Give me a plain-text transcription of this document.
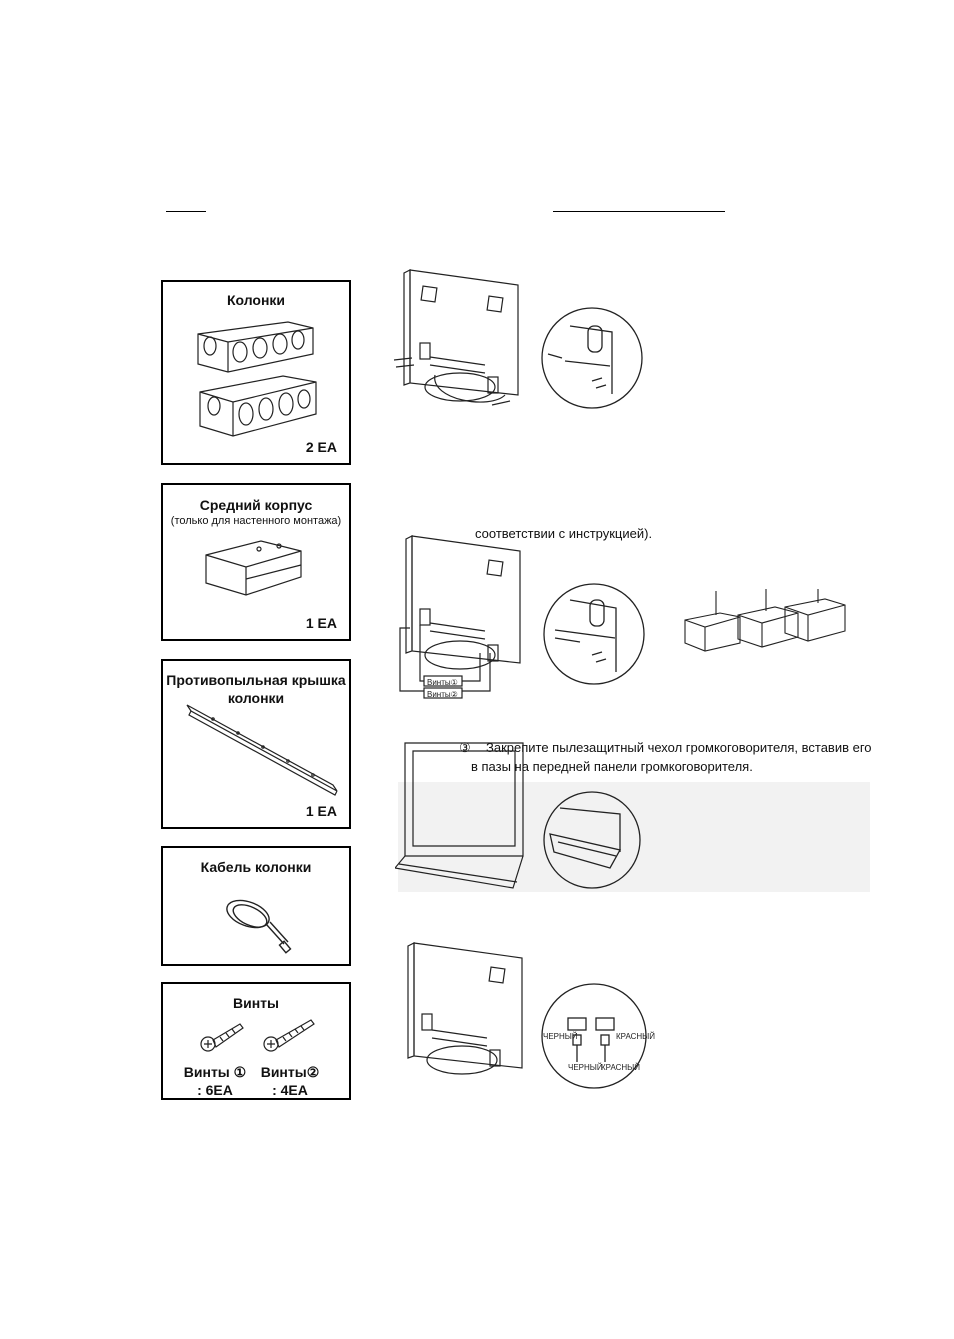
Колонки
2 EA
Средний корпус
(только для настенного монтажа)
1 EA
Противопыльная крышка
колонки
1 EA
Кабель колонки
Винты
Винты ①
: 6EA
Винты②
: 4EA
соответствии с инструкцией).
Винты①
Винты②
③ Закрепите пылезащитный чехол громкоговорителя, вставив его
в пазы на передней панели громкоговорителя.
ЧЕРНЫЙ	КРАСНЫЙ
ЧЕРНЫЙ
КРАСНЫЙ
